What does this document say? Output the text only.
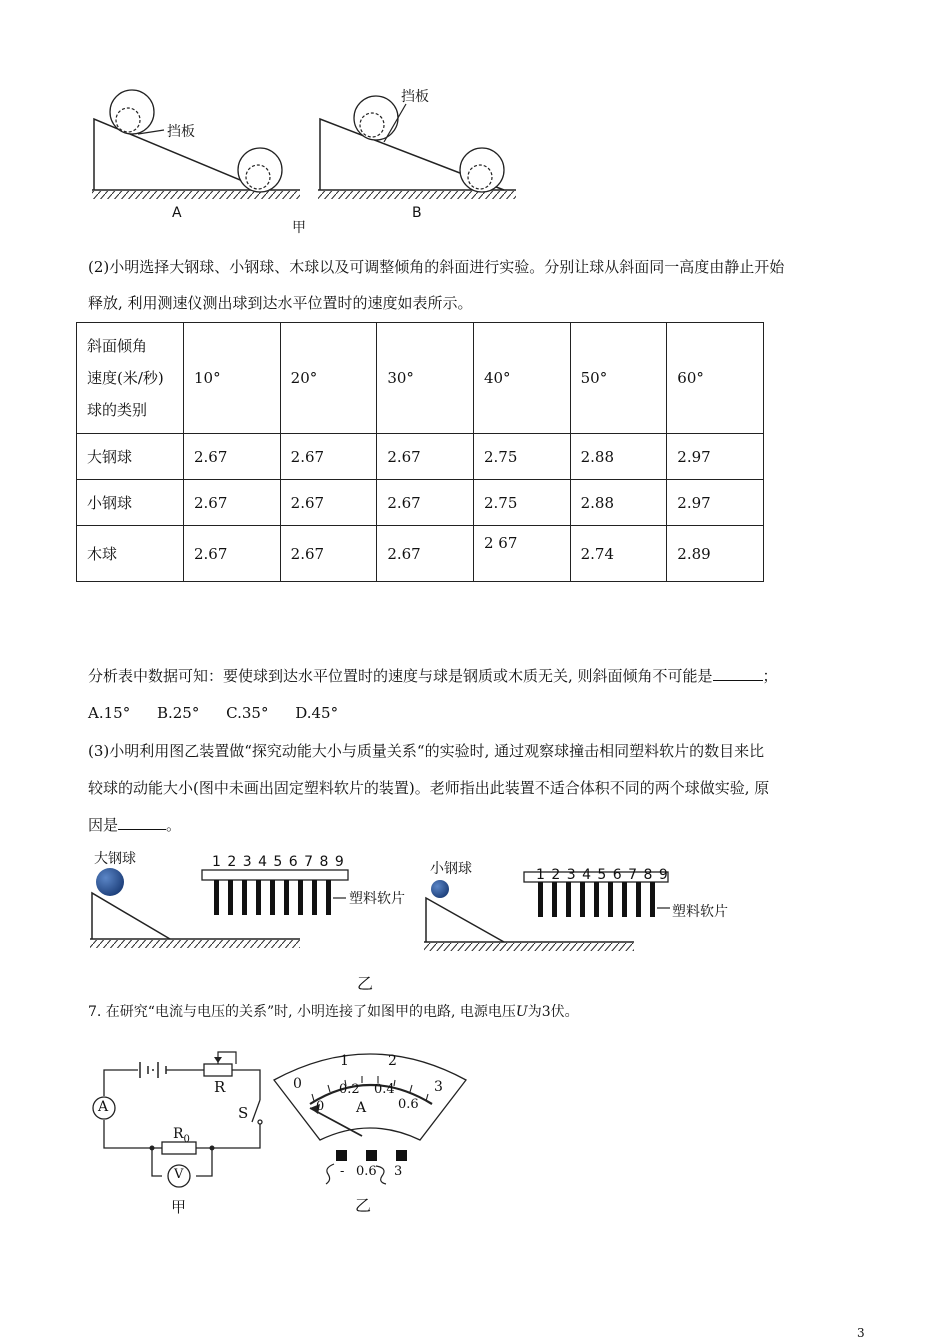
挡板
挡板
A	B
甲
(2)小明选择大钢球、小钢球、木球以及可调整倾角的斜面进行实验。分别让球从斜面同一高度由静止开始
释放, 利用测速仪测出球到达水平位置时的速度如表所示。
斜面倾角
速度(米/秒)
球的类别	10°	20°	30°	40°	50°	60°
大钢球	2.67	2.67	2.67	2.75	2.88	2.97
小钢球	2.67	2.67	2.67	2.75	2.88	2.97
木球	2.67	2.67	2.67	2 67	2.74	2.89
分析表中数据可知：要使球到达水平位置时的速度与球是钢质或木质无关, 则斜面倾角不可能是	；
A.15° B.25° C.35° D.45°
(3)小明利用图乙装置做“探究动能大小与质量关系“的实验时, 通过观察球撞击相同塑料软片的数目来比
较球的动能大小(图中未画出固定塑料软片的装置)。老师指出此装置不适合体积不同的两个球做实验, 原
因是	。
大钢球
小钢球
1 2 3 4 5 6 7 8 9
1 2 3 4 5 6 7 8 9
塑料软片
塑料软片
乙
7. 在研究“电流与电压的关系”时, 小明连接了如图甲的电路, 电源电压U为3伏。
A
V
R
S
$R_0$
甲
0
1	2
3
0
0.2 0.4
0.6
A
- 0.6 3
乙
3
